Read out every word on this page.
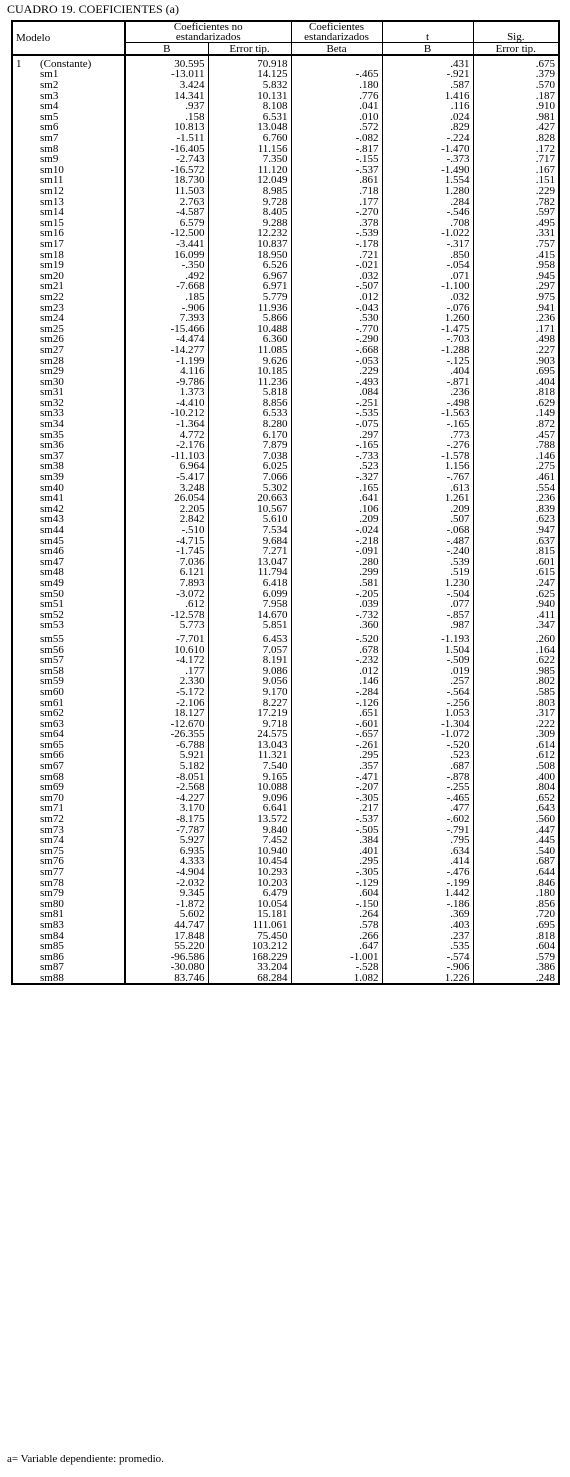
CUADRO 19. COEFICIENTES (a)
Modelo		Coeficientes no estandarizados		Coeficientes estandarizados	t	Sig.
		B	Error tip.	Beta	B	Error tip.
1	(Constante)	30.595	70.918		.431	.675
	sm1	-13.011	14.125	-.465	-.921	.379
	sm2	3.424	5.832	.180	.587	.570
	sm3	14.341	10.131	.776	1.416	.187
	sm4	.937	8.108	.041	.116	.910
	sm5	.158	6.531	.010	.024	.981
	sm6	10.813	13.048	.572	.829	.427
	sm7	-1.511	6.760	-.082	-.224	.828
	sm8	-16.405	11.156	-.817	-1.470	.172
	sm9	-2.743	7.350	-.155	-.373	.717
	sm10	-16.572	11.120	-.537	-1.490	.167
	sm11	18.730	12.049	.861	1.554	.151
	sm12	11.503	8.985	.718	1.280	.229
	sm13	2.763	9.728	.177	.284	.782
	sm14	-4.587	8.405	-.270	-.546	.597
	sm15	6.579	9.288	.378	.708	.495
	sm16	-12.500	12.232	-.539	-1.022	.331
	sm17	-3.441	10.837	-.178	-.317	.757
	sm18	16.099	18.950	.721	.850	.415
	sm19	-.350	6.526	-.021	-.054	.958
	sm20	.492	6.967	.032	.071	.945
	sm21	-7.668	6.971	-.507	-1.100	.297
	sm22	.185	5.779	.012	.032	.975
	sm23	-.906	11.936	-.043	-.076	.941
	sm24	7.393	5.866	.530	1.260	.236
	sm25	-15.466	10.488	-.770	-1.475	.171
	sm26	-4.474	6.360	-.290	-.703	.498
	sm27	-14.277	11.085	-.668	-1.288	.227
	sm28	-1.199	9.626	-.053	-.125	.903
	sm29	4.116	10.185	.229	.404	.695
	sm30	-9.786	11.236	-.493	-.871	.404
	sm31	1.373	5.818	.084	.236	.818
	sm32	-4.410	8.856	-.251	-.498	.629
	sm33	-10.212	6.533	-.535	-1.563	.149
	sm34	-1.364	8.280	-.075	-.165	.872
	sm35	4.772	6.170	.297	.773	.457
	sm36	-2.176	7.879	-.165	-.276	.788
	sm37	-11.103	7.038	-.733	-1.578	.146
	sm38	6.964	6.025	.523	1.156	.275
	sm39	-5.417	7.066	-.327	-.767	.461
	sm40	3.248	5.302	.165	.613	.554
	sm41	26.054	20.663	.641	1.261	.236
	sm42	2.205	10.567	.106	.209	.839
	sm43	2.842	5.610	.209	.507	.623
	sm44	-.510	7.534	-.024	-.068	.947
	sm45	-4.715	9.684	-.218	-.487	.637
	sm46	-1.745	7.271	-.091	-.240	.815
	sm47	7.036	13.047	.280	.539	.601
	sm48	6.121	11.794	.299	.519	.615
	sm49	7.893	6.418	.581	1.230	.247
	sm50	-3.072	6.099	-.205	-.504	.625
	sm51	.612	7.958	.039	.077	.940
	sm52	-12.578	14.670	-.732	-.857	.411
	sm53	5.773	5.851	.360	.987	.347
	sm55	-7.701	6.453	-.520	-1.193	.260
	sm56	10.610	7.057	.678	1.504	.164
	sm57	-4.172	8.191	-.232	-.509	.622
	sm58	.177	9.086	.012	.019	.985
	sm59	2.330	9.056	.146	.257	.802
	sm60	-5.172	9.170	-.284	-.564	.585
	sm61	-2.106	8.227	-.126	-.256	.803
	sm62	18.127	17.219	.651	1.053	.317
	sm63	-12.670	9.718	-.601	-1.304	.222
	sm64	-26.355	24.575	-.657	-1.072	.309
	sm65	-6.788	13.043	-.261	-.520	.614
	sm66	5.921	11.321	.295	.523	.612
	sm67	5.182	7.540	.357	.687	.508
	sm68	-8.051	9.165	-.471	-.878	.400
	sm69	-2.568	10.088	-.207	-.255	.804
	sm70	-4.227	9.096	-.305	-.465	.652
	sm71	3.170	6.641	.217	.477	.643
	sm72	-8.175	13.572	-.537	-.602	.560
	sm73	-7.787	9.840	-.505	-.791	.447
	sm74	5.927	7.452	.384	.795	.445
	sm75	6.935	10.940	.401	.634	.540
	sm76	4.333	10.454	.295	.414	.687
	sm77	-4.904	10.293	-.305	-.476	.644
	sm78	-2.032	10.203	-.129	-.199	.846
	sm79	9.345	6.479	.604	1.442	.180
	sm80	-1.872	10.054	-.150	-.186	.856
	sm81	5.602	15.181	.264	.369	.720
	sm83	44.747	111.061	.578	.403	.695
	sm84	17.848	75.450	.266	.237	.818
	sm85	55.220	103.212	.647	.535	.604
	sm86	-96.586	168.229	-1.001	-.574	.579
	sm87	-30.080	33.204	-.528	-.906	.386
	sm88	83.746	68.284	1.082	1.226	.248
a= Variable dependiente: promedio.
